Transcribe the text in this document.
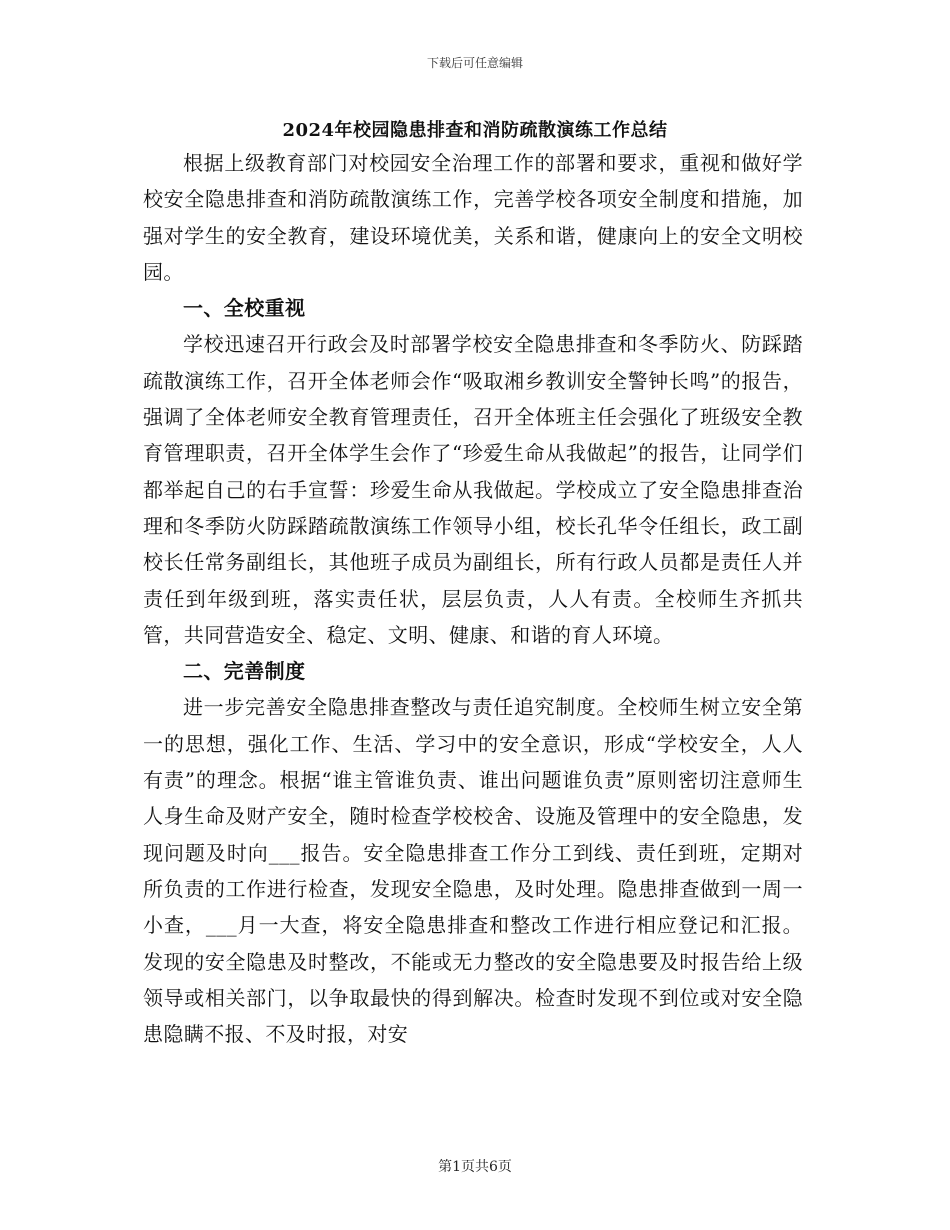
下载后可任意编辑
2024年校园隐患排查和消防疏散演练工作总结

根据上级教育部门对校园安全治理工作的部署和要求，重视和做好学校安全隐患排查和消防疏散演练工作，完善学校各项安全制度和措施，加强对学生的安全教育，建设环境优美，关系和谐，健康向上的安全文明校园。

一、全校重视

学校迅速召开行政会及时部署学校安全隐患排查和冬季防火、防踩踏疏散演练工作，召开全体老师会作“吸取湘乡教训安全警钟长鸣”的报告，强调了全体老师安全教育管理责任，召开全体班主任会强化了班级安全教育管理职责，召开全体学生会作了“珍爱生命从我做起”的报告，让同学们都举起自己的右手宣誓：珍爱生命从我做起。学校成立了安全隐患排查治理和冬季防火防踩踏疏散演练工作领导小组，校长孔华令任组长，政工副校长任常务副组长，其他班子成员为副组长，所有行政人员都是责任人并责任到年级到班，落实责任状，层层负责，人人有责。全校师生齐抓共管，共同营造安全、稳定、文明、健康、和谐的育人环境。

二、完善制度

进一步完善安全隐患排查整改与责任追究制度。全校师生树立安全第一的思想，强化工作、生活、学习中的安全意识，形成“学校安全，人人有责”的理念。根据“谁主管谁负责、谁出问题谁负责”原则密切注意师生人身生命及财产安全，随时检查学校校舍、设施及管理中的安全隐患，发现问题及时向___报告。安全隐患排查工作分工到线、责任到班，定期对所负责的工作进行检查，发现安全隐患，及时处理。隐患排查做到一周一小查，___月一大查，将安全隐患排查和整改工作进行相应登记和汇报。发现的安全隐患及时整改，不能或无力整改的安全隐患要及时报告给上级领导或相关部门，以争取最快的得到解决。检查时发现不到位或对安全隐患隐瞒不报、不及时报，对安

第1页共6页
